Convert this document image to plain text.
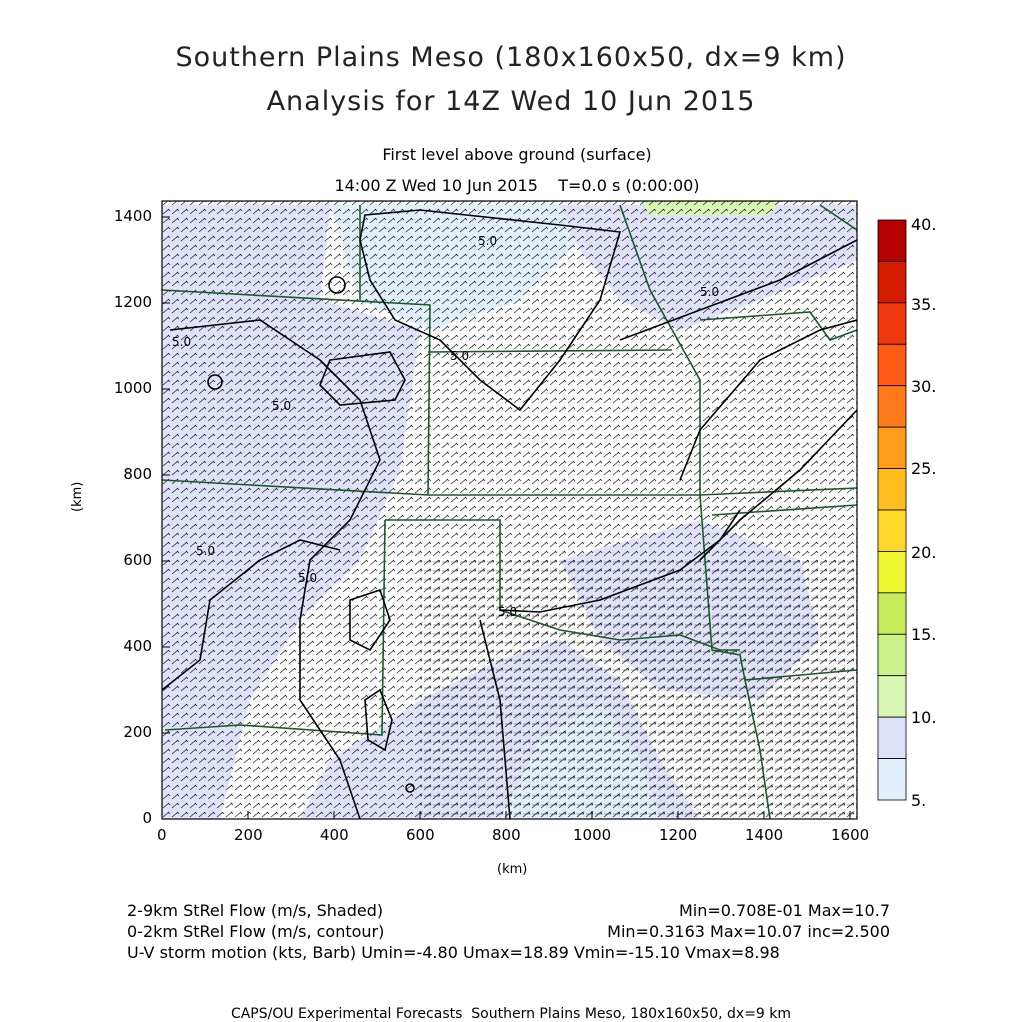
Southern Plains Meso (180x160x50, dx=9 km)
Analysis for 14Z Wed 10 Jun 2015
First level above ground (surface)
14:00 Z Wed 10 Jun 2015    T=0.0 s (0:00:00)
5.0
5.0
5.0
5.0
5.0
5.0
5.0
5.0
0
200
400
600
800
1000
1200
1400
0	200	400	600	800	1000	1200	1400	1600
(km)
(km)
40.
35.
30.
25.
20.
15.
10.
5.
2-9km StRel Flow (m/s, Shaded)	Min=0.708E-01 Max=10.7
0-2km StRel Flow (m/s, contour)	Min=0.3163 Max=10.07 inc=2.500
U-V storm motion (kts, Barb) Umin=-4.80 Umax=18.89 Vmin=-15.10 Vmax=8.98
CAPS/OU Experimental Forecasts  Southern Plains Meso, 180x160x50, dx=9 km
